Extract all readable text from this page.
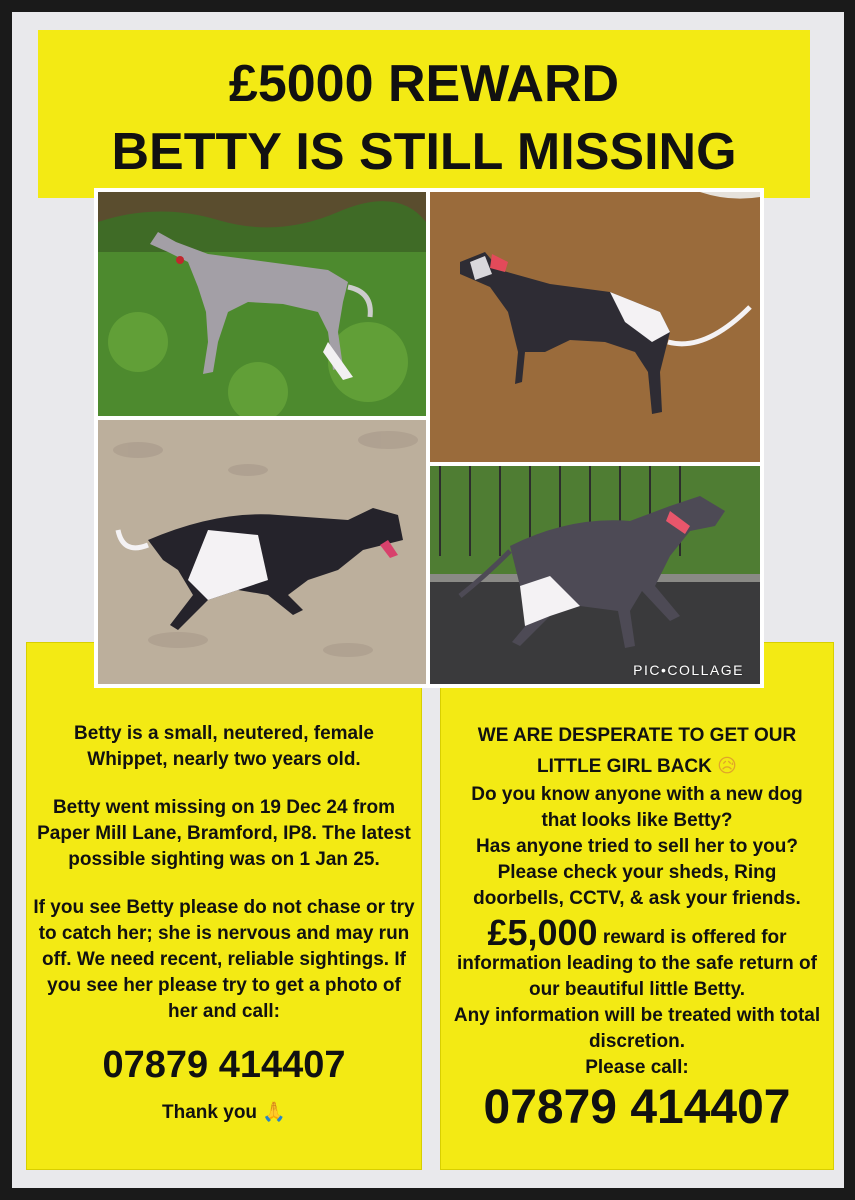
£5000 REWARD
BETTY IS STILL MISSING
Betty is a small, neutered, female Whippet, nearly two years old.
Betty went missing on 19 Dec 24 from Paper Mill Lane, Bramford, IP8. The latest possible sighting was on 1 Jan 25.
If you see Betty please do not chase or try to catch her; she is nervous and may run off. We need recent, reliable sightings. If you see her please try to get a photo of her and call:
07879 414407
Thank you 🙏
WE ARE DESPERATE TO GET OUR
LITTLE GIRL BACK 😥
Do you know anyone with a new dog that looks like Betty?
Has anyone tried to sell her to you?
Please check your sheds, Ring doorbells, CCTV, & ask your friends.
£5,000 reward is offered for
information leading to the safe return of our beautiful little Betty.
Any information will be treated with total discretion.
Please call:
07879 414407
PIC•COLLAGE
